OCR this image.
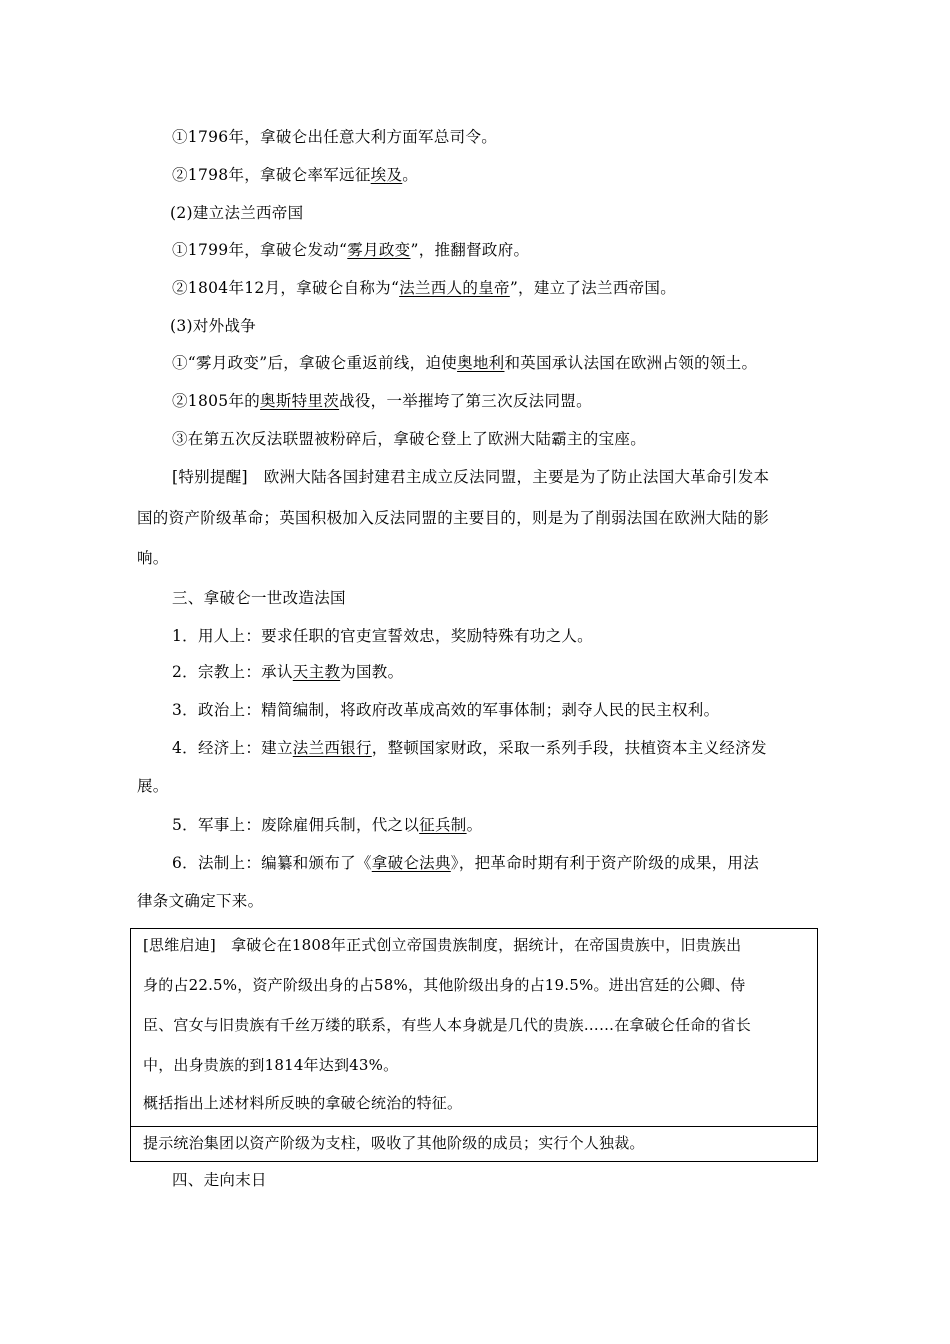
①1796年，拿破仑出任意大利方面军总司令。
②1798年，拿破仑率军远征埃及。
(2)建立法兰西帝国
①1799年，拿破仑发动“雾月政变”，推翻督政府。
②1804年12月，拿破仑自称为“法兰西人的皇帝”，建立了法兰西帝国。
(3)对外战争
①“雾月政变”后，拿破仑重返前线，迫使奥地利和英国承认法国在欧洲占领的领土。
②1805年的奥斯特里茨战役，一举摧垮了第三次反法同盟。
③在第五次反法联盟被粉碎后，拿破仑登上了欧洲大陆霸主的宝座。
[特别提醒]　欧洲大陆各国封建君主成立反法同盟，主要是为了防止法国大革命引发本
国的资产阶级革命；英国积极加入反法同盟的主要目的，则是为了削弱法国在欧洲大陆的影
响。
三、拿破仑一世改造法国
1．用人上：要求任职的官吏宣誓效忠，奖励特殊有功之人。
2．宗教上：承认天主教为国教。
3．政治上：精简编制，将政府改革成高效的军事体制；剥夺人民的民主权利。
4．经济上：建立法兰西银行，整顿国家财政，采取一系列手段，扶植资本主义经济发
展。
5．军事上：废除雇佣兵制，代之以征兵制。
6．法制上：编纂和颁布了《拿破仑法典》，把革命时期有利于资产阶级的成果，用法
律条文确定下来。
[思维启迪]　拿破仑在1808年正式创立帝国贵族制度，据统计，在帝国贵族中，旧贵族出
身的占22.5%，资产阶级出身的占58%，其他阶级出身的占19.5%。进出宫廷的公卿、侍
臣、宫女与旧贵族有千丝万缕的联系，有些人本身就是几代的贵族……在拿破仑任命的省长
中，出身贵族的到1814年达到43%。
概括指出上述材料所反映的拿破仑统治的特征。
提示统治集团以资产阶级为支柱，吸收了其他阶级的成员；实行个人独裁。
四、走向末日
